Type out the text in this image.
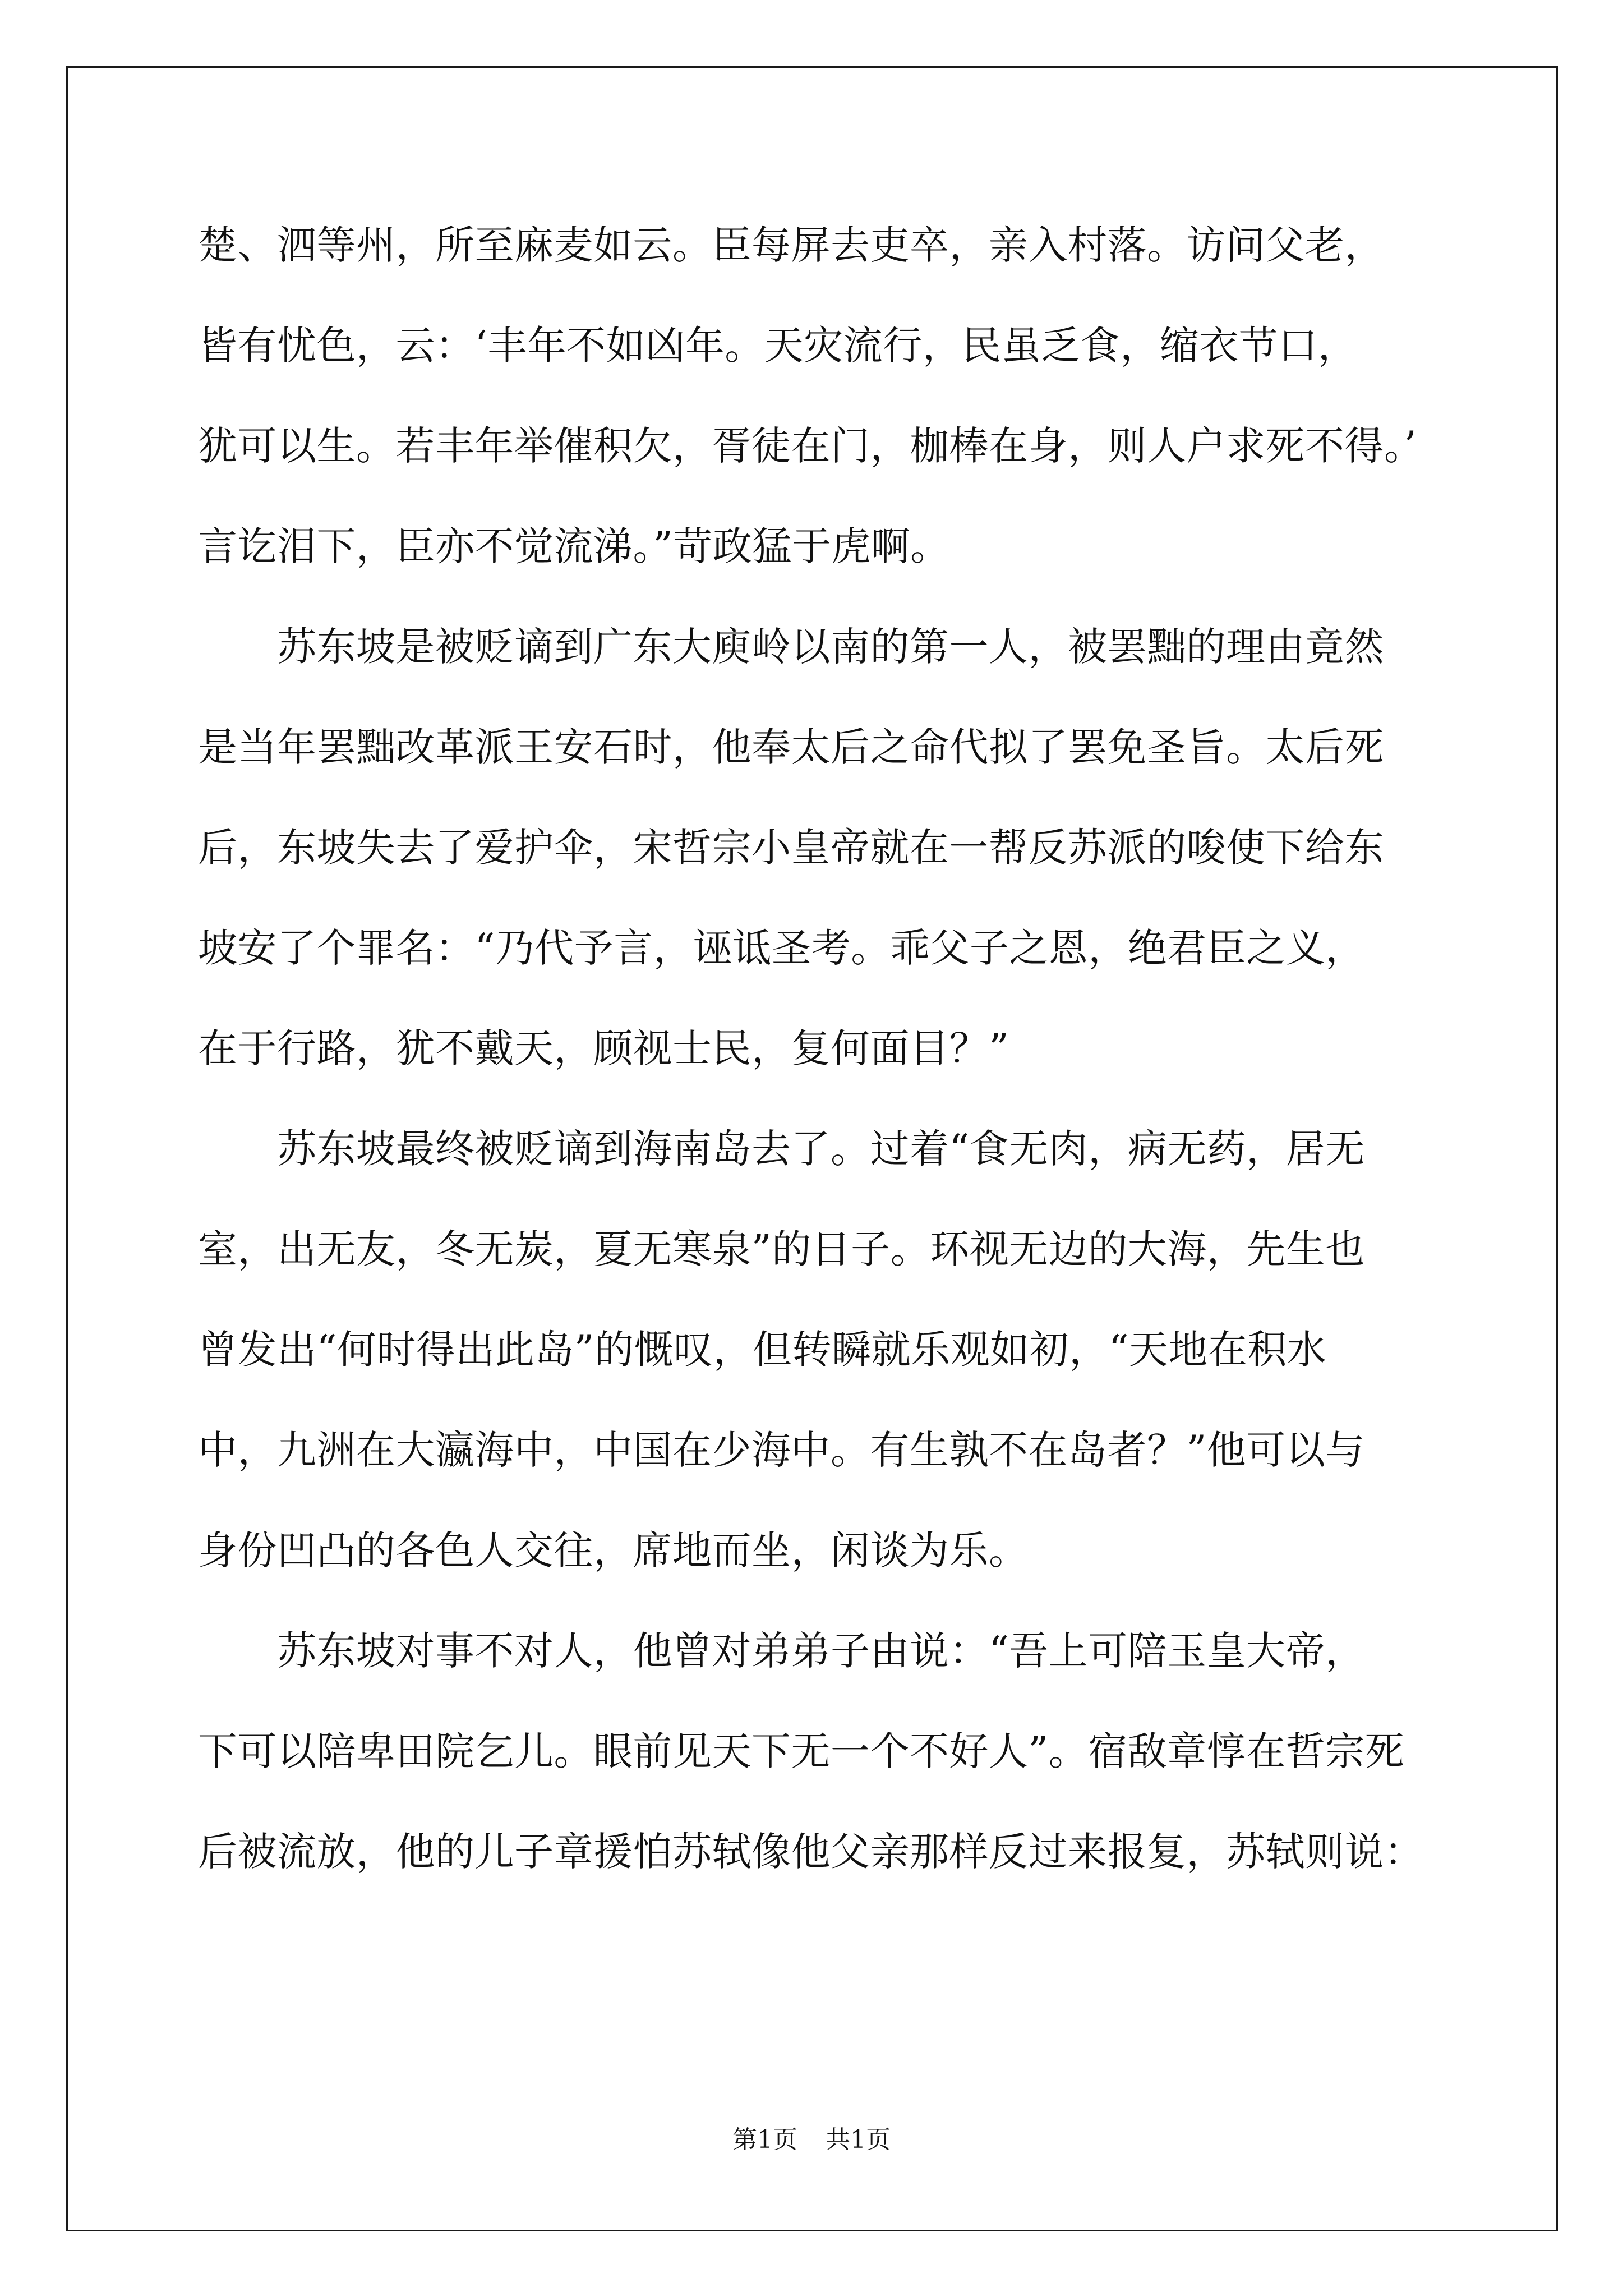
楚、泗等州，所至麻麦如云。臣每屏去吏卒，亲入村落。访问父老，
皆有忧色，云：‘丰年不如凶年。天灾流行，民虽乏食，缩衣节口，
犹可以生。若丰年举催积欠，胥徒在门，枷棒在身，则人户求死不得。’
言讫泪下，臣亦不觉流涕。”苛政猛于虎啊。
　　苏东坡是被贬谪到广东大庾岭以南的第一人，被罢黜的理由竟然
是当年罢黜改革派王安石时，他奉太后之命代拟了罢免圣旨。太后死
后，东坡失去了爱护伞，宋哲宗小皇帝就在一帮反苏派的唆使下给东
坡安了个罪名：“乃代予言，诬诋圣考。乖父子之恩，绝君臣之义，
在于行路，犹不戴天，顾视士民，复何面目？”
　　苏东坡最终被贬谪到海南岛去了。过着“食无肉，病无药，居无
室，出无友，冬无炭，夏无寒泉”的日子。环视无边的大海，先生也
曾发出“何时得出此岛”的慨叹，但转瞬就乐观如初，“天地在积水
中，九洲在大瀛海中，中国在少海中。有生孰不在岛者？”他可以与
身份凹凸的各色人交往，席地而坐，闲谈为乐。
　　苏东坡对事不对人，他曾对弟弟子由说：“吾上可陪玉皇大帝，
下可以陪卑田院乞儿。眼前见天下无一个不好人”。宿敌章惇在哲宗死
后被流放，他的儿子章援怕苏轼像他父亲那样反过来报复，苏轼则说：
第1页 共1页
